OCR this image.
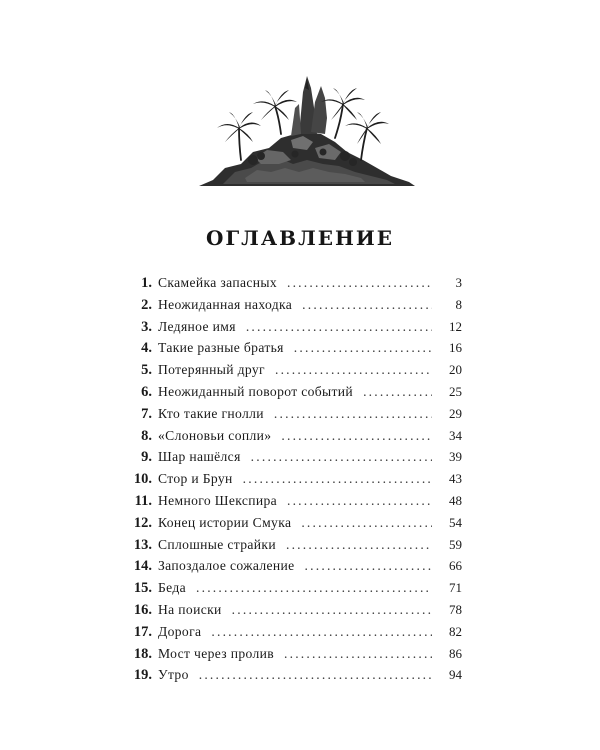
ОГЛАВЛЕНИЕ
1. Скамейка запасных .....	3
2. Неожиданная находка .....	8
3. Ледяное имя .....	12
4. Такие разные братья .....	16
5. Потерянный друг .....	20
6. Неожиданный поворот событий .....	25
7. Кто такие гнолли .....	29
8. «Слоновьи сопли» .....	34
9. Шар нашёлся .....	39
10. Стор и Брун .....	43
11. Немного Шекспира .....	48
12. Конец истории Смука .....	54
13. Сплошные страйки .....	59
14. Запоздалое сожаление .....	66
15. Беда .....	71
16. На поиски .....	78
17. Дорога .....	82
18. Мост через пролив .....	86
19. Утро .....	94
